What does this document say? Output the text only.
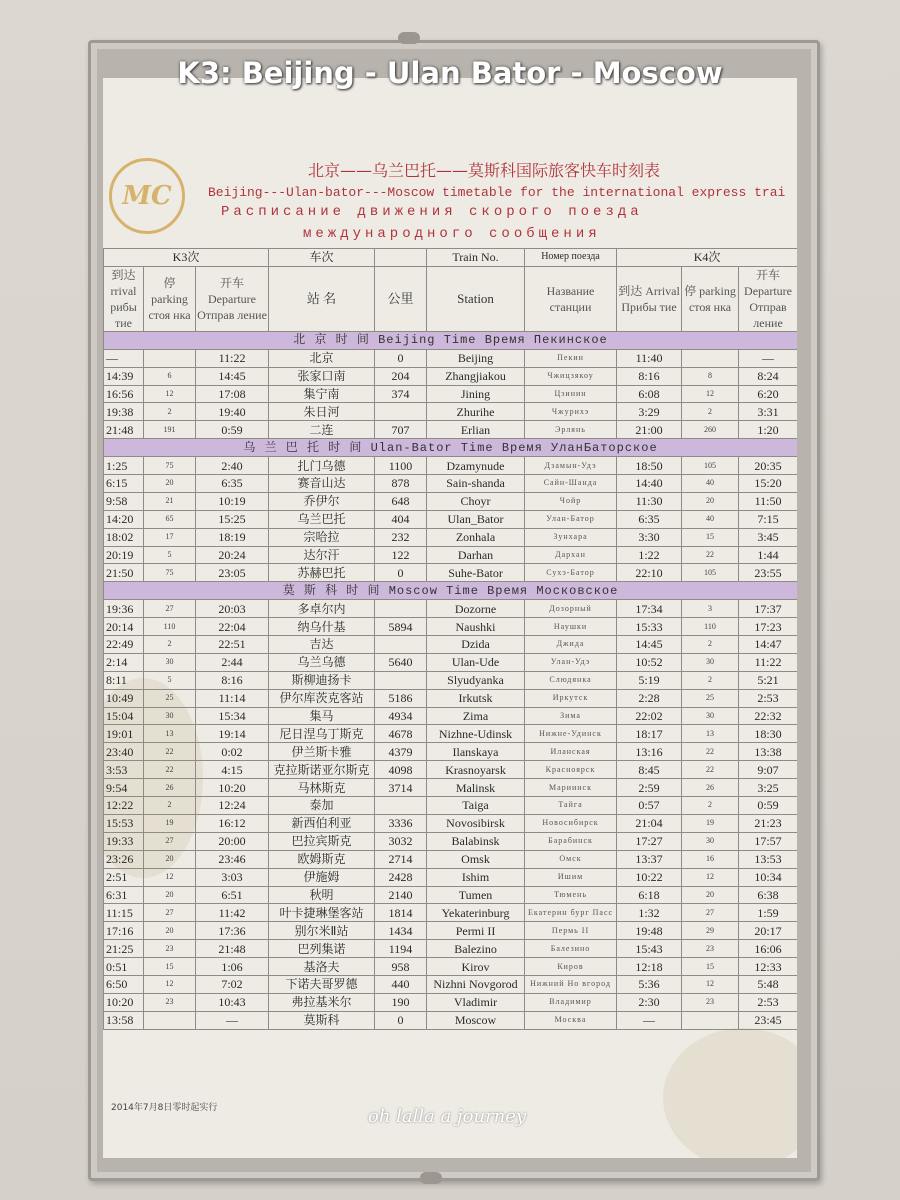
K3: Beijing - Ulan Bator - Moscow
MC
北京——乌兰巴托——莫斯科国际旅客快车时刻表
Beijing---Ulan-bator---Moscow timetable for the international express trai
Расписание движения скорого поезда
международного сообщения
K3次			车次		Train No.	Номер поезда	K4次		
到达 rrival рибы тие	停 parking стоя нка	开车 Departure Отправ ление	站 名	公里	Station	Название станции	到达 Arrival Прибы тие	停 parking стоя нка	开车 Departure Отправ ление
北 京 时 间 Beijing Time Время Пекинское									
—		11:22	北京	0	Beijing	Пекин	11:40		—
14:39	6	14:45	张家口南	204	Zhangjiakou	Чжицзякоу	8:16	8	8:24
16:56	12	17:08	集宁南	374	Jining	Цзинин	6:08	12	6:20
19:38	2	19:40	朱日河		Zhurihe	Чжурихэ	3:29	2	3:31
21:48	191	0:59	二连	707	Erlian	Эрлянь	21:00	260	1:20
乌 兰 巴 托 时 间 Ulan-Bator Time Время УланБаторское									
1:25	75	2:40	扎门乌德	1100	Dzamynude	Дзамын-Удэ	18:50	105	20:35
6:15	20	6:35	赛音山达	878	Sain-shanda	Сайн-Шанда	14:40	40	15:20
9:58	21	10:19	乔伊尔	648	Choyr	Чойр	11:30	20	11:50
14:20	65	15:25	乌兰巴托	404	Ulan_Bator	Улан-Батор	6:35	40	7:15
18:02	17	18:19	宗哈拉	232	Zonhala	Зунхара	3:30	15	3:45
20:19	5	20:24	达尔汗	122	Darhan	Дархан	1:22	22	1:44
21:50	75	23:05	苏赫巴托	0	Suhe-Bator	Сухэ-Батор	22:10	105	23:55
莫 斯 科 时 间 Moscow Time Время Московское									
19:36	27	20:03	多卓尔内		Dozorne	Дозорный	17:34	3	17:37
20:14	110	22:04	纳乌什基	5894	Naushki	Наушки	15:33	110	17:23
22:49	2	22:51	吉达		Dzida	Джида	14:45	2	14:47
2:14	30	2:44	乌兰乌德	5640	Ulan-Ude	Улан-Удэ	10:52	30	11:22
8:11	5	8:16	斯柳迪扬卡		Slyudyanka	Слюдянка	5:19	2	5:21
10:49	25	11:14	伊尔库茨克客站	5186	Irkutsk	Иркутск	2:28	25	2:53
15:04	30	15:34	集马	4934	Zima	Зима	22:02	30	22:32
19:01	13	19:14	尼日涅乌丁斯克	4678	Nizhne-Udinsk	Нижне-Удинск	18:17	13	18:30
23:40	22	0:02	伊兰斯卡雅	4379	Ilanskaya	Иланская	13:16	22	13:38
3:53	22	4:15	克拉斯诺亚尔斯克	4098	Krasnoyarsk	Красноярск	8:45	22	9:07
9:54	26	10:20	马林斯克	3714	Malinsk	Мариинск	2:59	26	3:25
12:22	2	12:24	泰加		Taiga	Тайга	0:57	2	0:59
15:53	19	16:12	新西伯利亚	3336	Novosibirsk	Новосибирск	21:04	19	21:23
19:33	27	20:00	巴拉宾斯克	3032	Balabinsk	Барабинск	17:27	30	17:57
23:26	20	23:46	欧姆斯克	2714	Omsk	Омск	13:37	16	13:53
2:51	12	3:03	伊施姆	2428	Ishim	Ишим	10:22	12	10:34
6:31	20	6:51	秋明	2140	Tumen	Тюмень	6:18	20	6:38
11:15	27	11:42	叶卡捷琳堡客站	1814	Yekaterinburg	Екатерин бург Пасс	1:32	27	1:59
17:16	20	17:36	别尔米Ⅱ站	1434	Permi II	Пермь II	19:48	29	20:17
21:25	23	21:48	巴列集诺	1194	Balezino	Балезино	15:43	23	16:06
0:51	15	1:06	基洛夫	958	Kirov	Киров	12:18	15	12:33
6:50	12	7:02	下诺夫哥罗德	440	Nizhni Novgorod	Нижний Но вгород	5:36	12	5:48
10:20	23	10:43	弗拉基米尔	190	Vladimir	Владимир	2:30	23	2:53
13:58		—	莫斯科	0	Moscow	Москва	—		23:45
2014年7月8日零时起实行	oh lalla a journey
